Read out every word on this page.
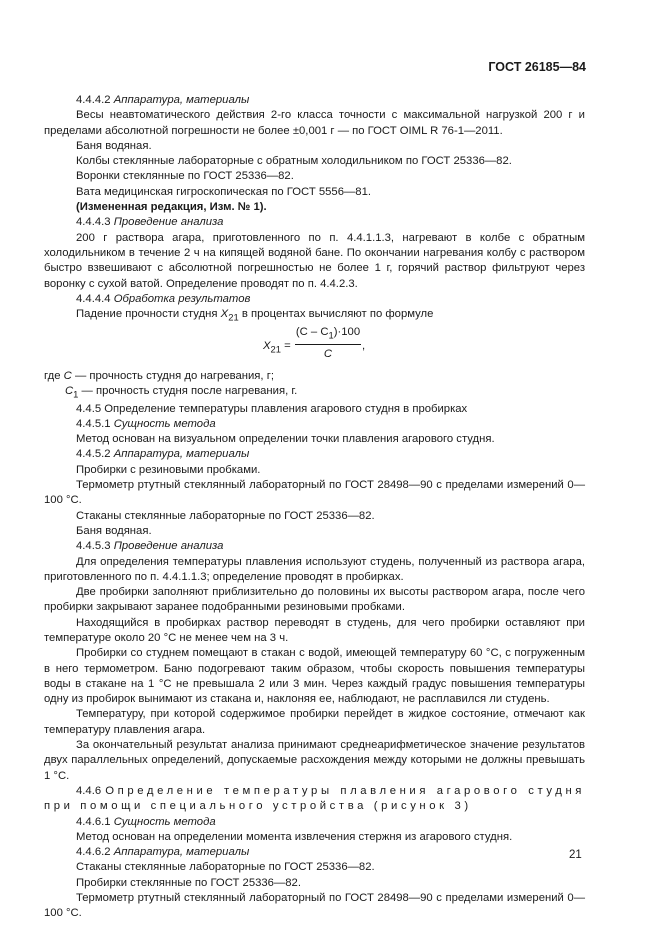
ГОСТ 26185—84

4.4.4.2 Аппаратура, материалы

Весы неавтоматического действия 2-го класса точности с максимальной нагрузкой 200 г и пределами абсолютной погрешности не более ±0,001 г — по ГОСТ OIML R 76-1—2011.

Баня водяная.

Колбы стеклянные лабораторные с обратным холодильником по ГОСТ 25336—82.

Воронки стеклянные по ГОСТ 25336—82.

Вата медицинская гигроскопическая по ГОСТ 5556—81.

(Измененная редакция, Изм. № 1).

4.4.4.3 Проведение анализа

200 г раствора агара, приготовленного по п. 4.4.1.1.3, нагревают в колбе с обратным холодильником в течение 2 ч на кипящей водяной бане. По окончании нагревания колбу с раствором быстро взвешивают с абсолютной погрешностью не более 1 г, горячий раствор фильтруют через воронку с сухой ватой. Определение проводят по п. 4.4.2.3.

4.4.4.4 Обработка результатов

Падение прочности студня $X_{21}$ в процентах вычисляют по формуле

$X_{21} = \frac{(C - C_1)\cdot 100}{C}$ ,

где C — прочность студня до нагревания, г;

$C_1$ — прочность студня после нагревания, г.

4.4.5 Определение температуры плавления агарового студня в пробирках

4.4.5.1 Сущность метода

Метод основан на визуальном определении точки плавления агарового студня.

4.4.5.2 Аппаратура, материалы

Пробирки с резиновыми пробками.

Термометр ртутный стеклянный лабораторный по ГОСТ 28498—90 с пределами измерений 0—100 °С.

Стаканы стеклянные лабораторные по ГОСТ 25336—82.

Баня водяная.

4.4.5.3 Проведение анализа

Для определения температуры плавления используют студень, полученный из раствора агара, приготовленного по п. 4.4.1.1.3; определение проводят в пробирках.

Две пробирки заполняют приблизительно до половины их высоты раствором агара, после чего пробирки закрывают заранее подобранными резиновыми пробками.

Находящийся в пробирках раствор переводят в студень, для чего пробирки оставляют при температуре около 20 °С не менее чем на 3 ч.

Пробирки со студнем помещают в стакан с водой, имеющей температуру 60 °С, с погруженным в него термометром. Баню подогревают таким образом, чтобы скорость повышения температуры воды в стакане на 1 °С не превышала 2 или 3 мин. Через каждый градус повышения температуры одну из пробирок вынимают из стакана и, наклоняя ее, наблюдают, не расплавился ли студень.

Температуру, при которой содержимое пробирки перейдет в жидкое состояние, отмечают как температуру плавления агара.

За окончательный результат анализа принимают среднеарифметическое значение результатов двух параллельных определений, допускаемые расхождения между которыми не должны превышать 1 °С.

4.4.6 Определение температуры плавления агарового студня при помощи специального устройства (рисунок 3)

4.4.6.1 Сущность метода

Метод основан на определении момента извлечения стержня из агарового студня.

4.4.6.2 Аппаратура, материалы

Стаканы стеклянные лабораторные по ГОСТ 25336—82.

Пробирки стеклянные по ГОСТ 25336—82.

Термометр ртутный стеклянный лабораторный по ГОСТ 28498—90 с пределами измерений 0—100 °С.

21
